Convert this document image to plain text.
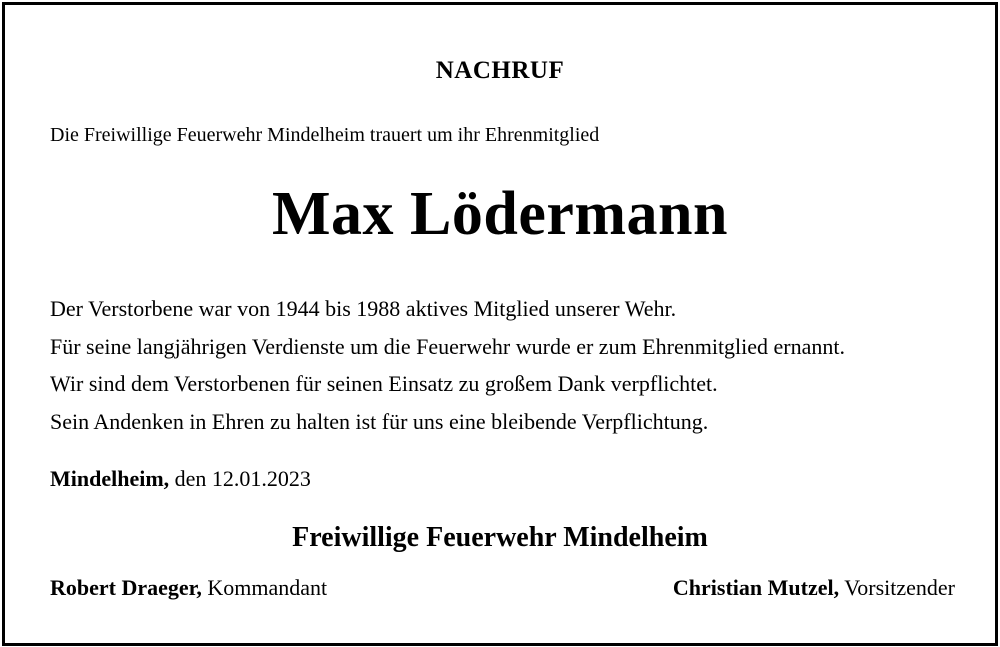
NACHRUF
Die Freiwillige Feuerwehr Mindelheim trauert um ihr Ehrenmitglied
Max Lödermann

Der Verstorbene war von 1944 bis 1988 aktives Mitglied unserer Wehr.

Für seine langjährigen Verdienste um die Feuerwehr wurde er zum Ehrenmitglied ernannt.

Wir sind dem Verstorbenen für seinen Einsatz zu großem Dank verpflichtet.

Sein Andenken in Ehren zu halten ist für uns eine bleibende Verpflichtung.

Mindelheim, den 12.01.2023
Freiwillige Feuerwehr Mindelheim
Robert Draeger, Kommandant	Christian Mutzel, Vorsitzender
